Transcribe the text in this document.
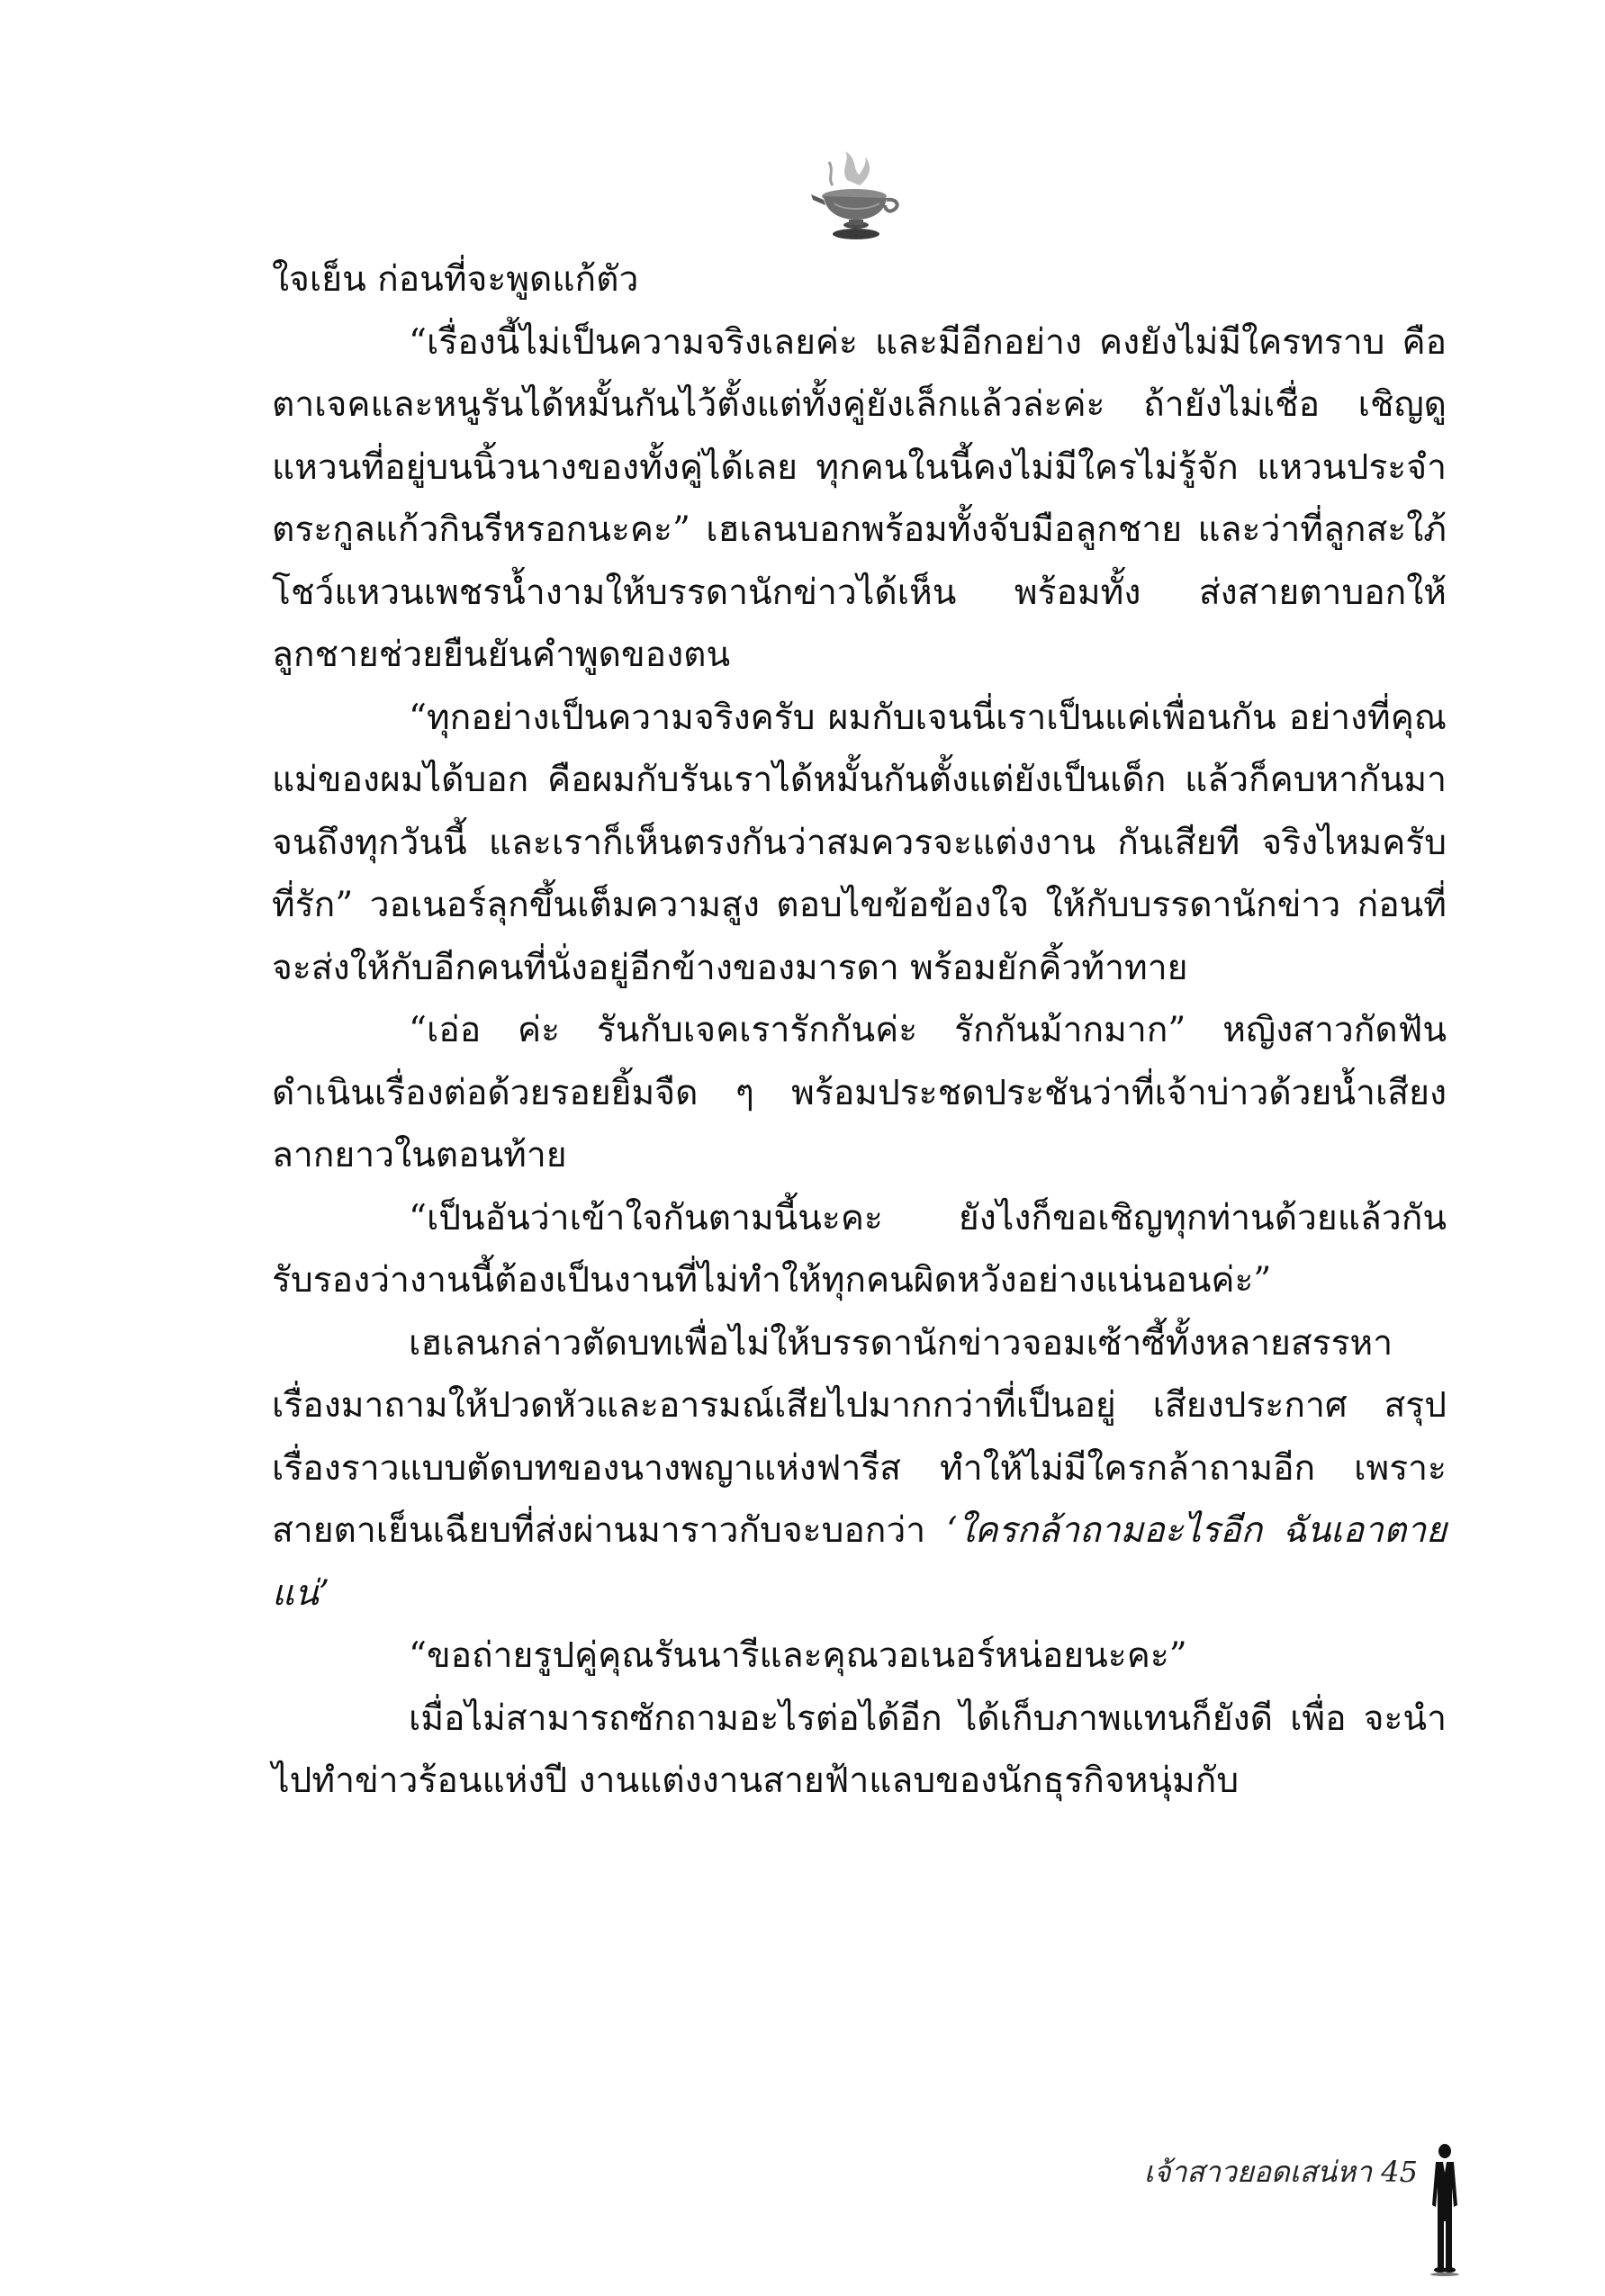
ใจเย็น ก่อนที่จะพูดแก้ตัว

“เรื่องนี้ไม่เป็นความจริงเลยค่ะ และมีอีกอย่าง คงยังไม่มีใครทราบ คือตาเจคและหนูรันได้หมั้นกันไว้ตั้งแต่ทั้งคู่ยังเล็กแล้วล่ะค่ะ ถ้ายังไม่เชื่อ เชิญดูแหวนที่อยู่บนนิ้วนางของทั้งคู่ได้เลย ทุกคนในนี้คงไม่มีใครไม่รู้จัก แหวนประจำตระกูลแก้วกินรีหรอกนะคะ” เฮเลนบอกพร้อมทั้งจับมือลูกชาย และว่าที่ลูกสะใภ้โชว์แหวนเพชรน้ำงามให้บรรดานักข่าวได้เห็น พร้อมทั้ง ส่งสายตาบอกให้ลูกชายช่วยยืนยันคำพูดของตน

“ทุกอย่างเป็นความจริงครับ ผมกับเจนนี่เราเป็นแค่เพื่อนกัน อย่างที่คุณแม่ของผมได้บอก คือผมกับรันเราได้หมั้นกันตั้งแต่ยังเป็นเด็ก แล้วก็คบหากันมาจนถึงทุกวันนี้ และเราก็เห็นตรงกันว่าสมควรจะแต่งงาน กันเสียที จริงไหมครับที่รัก” วอเนอร์ลุกขึ้นเต็มความสูง ตอบไขข้อข้องใจ ให้กับบรรดานักข่าว ก่อนที่จะส่งให้กับอีกคนที่นั่งอยู่อีกข้างของมารดา พร้อมยักคิ้วท้าทาย

“เอ่อ ค่ะ รันกับเจคเรารักกันค่ะ รักกันม้ากมาก” หญิงสาวกัดฟัน ดำเนินเรื่องต่อด้วยรอยยิ้มจืด ๆ พร้อมประชดประชันว่าที่เจ้าบ่าวด้วยน้ำเสียง ลากยาวในตอนท้าย

“เป็นอันว่าเข้าใจกันตามนี้นะคะ ยังไงก็ขอเชิญทุกท่านด้วยแล้วกัน รับรองว่างานนี้ต้องเป็นงานที่ไม่ทำให้ทุกคนผิดหวังอย่างแน่นอนค่ะ”

เฮเลนกล่าวตัดบทเพื่อไม่ให้บรรดานักข่าวจอมเซ้าซี้ทั้งหลายสรรหา เรื่องมาถามให้ปวดหัวและอารมณ์เสียไปมากกว่าที่เป็นอยู่ เสียงประกาศ สรุปเรื่องราวแบบตัดบทของนางพญาแห่งฟารีส ทำให้ไม่มีใครกล้าถามอีก เพราะสายตาเย็นเฉียบที่ส่งผ่านมาราวกับจะบอกว่า ‘ใครกล้าถามอะไรอีก ฉันเอาตายแน่’

“ขอถ่ายรูปคู่คุณรันนารีและคุณวอเนอร์หน่อยนะคะ”

เมื่อไม่สามารถซักถามอะไรต่อได้อีก ได้เก็บภาพแทนก็ยังดี เพื่อ จะนำไปทำข่าวร้อนแห่งปี งานแต่งงานสายฟ้าแลบของนักธุรกิจหนุ่มกับ

เจ้าสาวยอดเสน่หา 45
